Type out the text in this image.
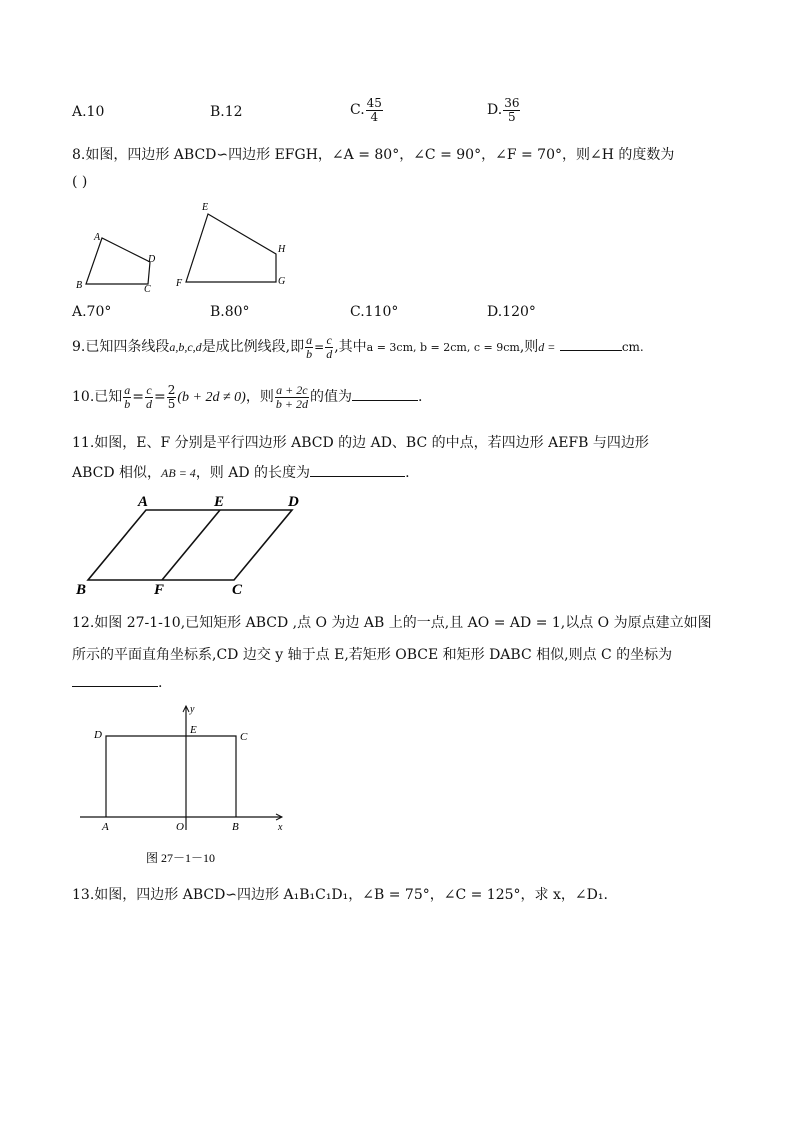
A.10	B.12	C. $\frac{45}{4}$	D. $\frac{36}{5}$
8.如图，四边形 ABCD∽四边形 EFGH，∠A = 80°，∠C = 90°，∠F = 70°，则∠H 的度数为
( )
A
B	C
D
E
F	G
H
A.70°	B.80°	C.110°	D.120°
9.已知四条线段a,b,c,d是成比例线段,即 $\frac{a}{b} = \frac{c}{d}$ ,其中a = 3cm, b = 2cm, c = 9cm,则d =	cm.
10.已知 $\frac{a}{b} = \frac{c}{d} = \frac{2}{5} (b + 2d \ne 0)$，则 $\frac{a + 2c}{b + 2d}$ 的值为	.
11.如图，E、F 分别是平行四边形 ABCD 的边 AD、BC 的中点，若四边形 AEFB 与四边形
ABCD 相似，AB = 4，则 AD 的长度为	.
A	E	D
B	F	C
12.如图 27-1-10,已知矩形 ABCD ,点 O 为边 AB 上的一点,且 AO = AD = 1,以点 O 为原点建立如图
所示的平面直角坐标系,CD 边交 y 轴于点 E,若矩形 OBCE 和矩形 DABC 相似,则点 C 的坐标为
.
y
D	E
C
A	O	B	x
图 27－1－10
13.如图，四边形 ABCD∽四边形 A₁B₁C₁D₁，∠B = 75°，∠C = 125°，求 x，∠D₁.
